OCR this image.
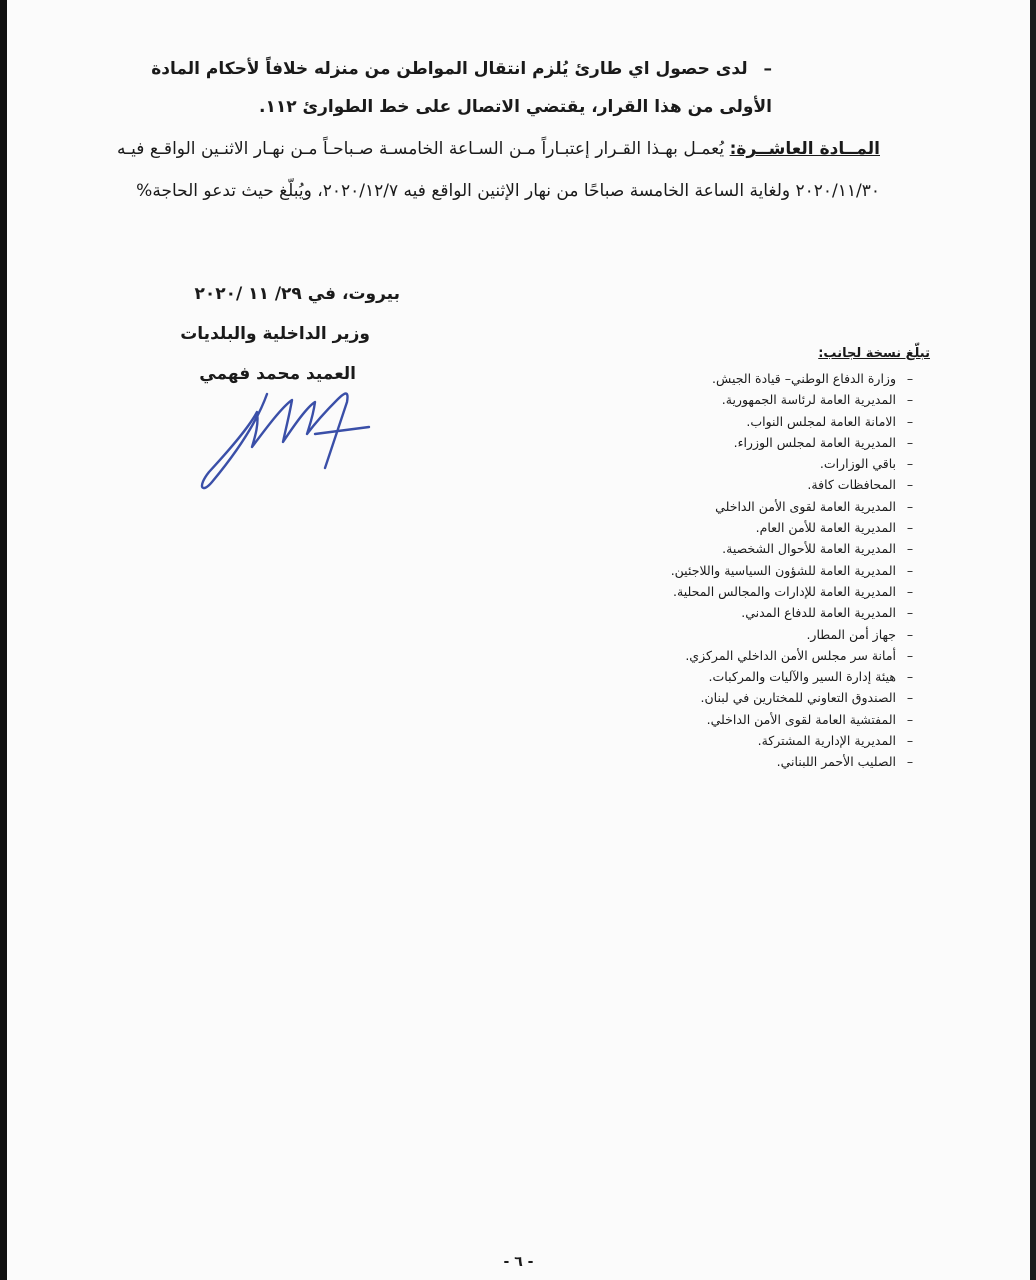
– لدى حصول اي طارئ يُلزم انتقال المواطن من منزله خلافاً لأحكام المادة الأولى من هذا القرار، يقتضي الاتصال على خط الطوارئ ١١٢.
المــادة العاشــرة: يُعمـل بهـذا القـرار إعتبـاراً مـن السـاعة الخامسـة صـباحـاً مـن نهـار الاثنـين الواقـع فيـه ٢٠٢٠/١١/٣٠ ولغاية الساعة الخامسة صباحًا من نهار الإثنين الواقع فيه ٢٠٢٠/١٢/٧، ويُبلّغ حيث تدعو الحاجة%
بيروت، في ٢٩/ ١١ /٢٠٢٠
وزير الداخلية والبلديات
العميد محمد فهمي
تبلّغ نسخة لجانب:
–
وزارة الدفاع الوطني– قيادة الجيش.
–
المديرية العامة لرئاسة الجمهورية.
–
الامانة العامة لمجلس النواب.
–
المديرية العامة لمجلس الوزراء.
–
باقي الوزارات.
–
المحافظات كافة.
–
المديرية العامة لقوى الأمن الداخلي
–
المديرية العامة للأمن العام.
–
المديرية العامة للأحوال الشخصية.
–
المديرية العامة للشؤون السياسية واللاجئين.
–
المديرية العامة للإدارات والمجالس المحلية.
–
المديرية العامة للدفاع المدني.
–
جهاز أمن المطار.
–
أمانة سر مجلس الأمن الداخلي المركزي.
–
هيئة إدارة السير والآليات والمركبات.
–
الصندوق التعاوني للمختارين في لبنان.
–
المفتشية العامة لقوى الأمن الداخلي.
–
المديرية الإدارية المشتركة.
–
الصليب الأحمر اللبناني.
- ٦ -
